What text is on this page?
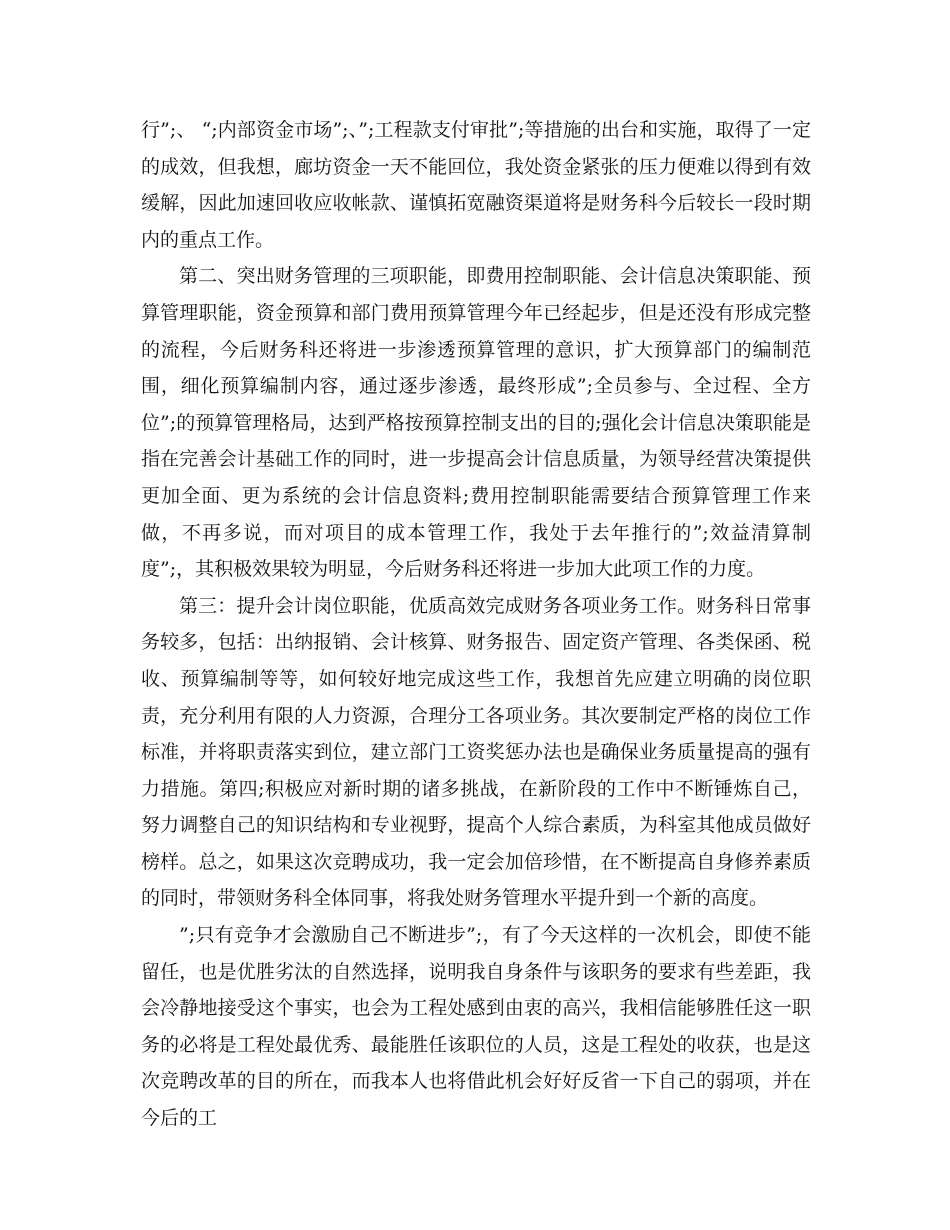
行”;、 “;内部资金市场”;、”;工程款支付审批”;等措施的出台和实施，取得了一定的成效，但我想，廊坊资金一天不能回位，我处资金紧张的压力便难以得到有效缓解，因此加速回收应收帐款、谨慎拓宽融资渠道将是财务科今后较长一段时期内的重点工作。

第二、突出财务管理的三项职能，即费用控制职能、会计信息决策职能、预算管理职能，资金预算和部门费用预算管理今年已经起步，但是还没有形成完整的流程，今后财务科还将进一步渗透预算管理的意识，扩大预算部门的编制范围，细化预算编制内容，通过逐步渗透，最终形成”;全员参与、全过程、全方位”;的预算管理格局，达到严格按预算控制支出的目的;强化会计信息决策职能是指在完善会计基础工作的同时，进一步提高会计信息质量，为领导经营决策提供更加全面、更为系统的会计信息资料;费用控制职能需要结合预算管理工作来做，不再多说，而对项目的成本管理工作，我处于去年推行的”;效益清算制度”;，其积极效果较为明显，今后财务科还将进一步加大此项工作的力度。

第三：提升会计岗位职能，优质高效完成财务各项业务工作。财务科日常事务较多，包括：出纳报销、会计核算、财务报告、固定资产管理、各类保函、税收、预算编制等等，如何较好地完成这些工作，我想首先应建立明确的岗位职责，充分利用有限的人力资源，合理分工各项业务。其次要制定严格的岗位工作标准，并将职责落实到位，建立部门工资奖惩办法也是确保业务质量提高的强有力措施。第四;积极应对新时期的诸多挑战，在新阶段的工作中不断锤炼自己，努力调整自己的知识结构和专业视野，提高个人综合素质，为科室其他成员做好榜样。总之，如果这次竞聘成功，我一定会加倍珍惜，在不断提高自身修养素质的同时，带领财务科全体同事，将我处财务管理水平提升到一个新的高度。

”;只有竞争才会激励自己不断进步”;，有了今天这样的一次机会，即使不能留任，也是优胜劣汰的自然选择，说明我自身条件与该职务的要求有些差距，我会冷静地接受这个事实，也会为工程处感到由衷的高兴，我相信能够胜任这一职务的必将是工程处最优秀、最能胜任该职位的人员，这是工程处的收获，也是这次竞聘改革的目的所在，而我本人也将借此机会好好反省一下自己的弱项，并在今后的工
